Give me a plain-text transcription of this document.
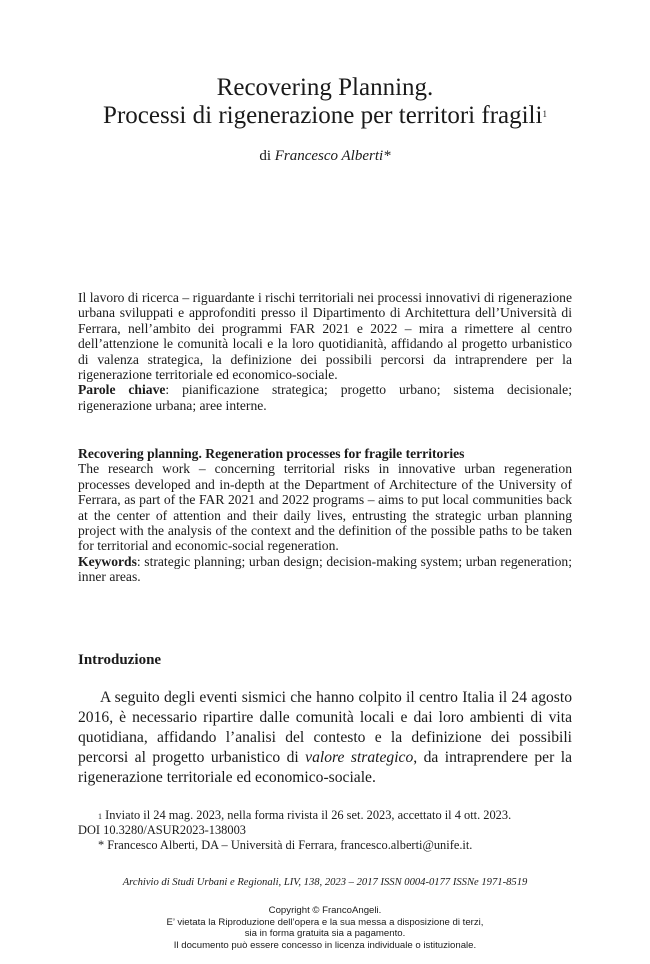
Recovering Planning.
Processi di rigenerazione per territori fragili$^1$
di Francesco Alberti*

Il lavoro di ricerca – riguardante i rischi territoriali nei processi innovativi di rigenerazione urbana sviluppati e approfonditi presso il Dipartimento di Architettura dell’Università di Ferrara, nell’ambito dei programmi FAR 2021 e 2022 – mira a rimettere al centro dell’attenzione le comunità locali e la loro quotidianità, affidando al progetto urbanistico di valenza strategica, la definizione dei possibili percorsi da intraprendere per la rigenerazione territoriale ed economico-sociale.

Parole chiave: pianificazione strategica; progetto urbano; sistema decisionale; rigenerazione urbana; aree interne.

Recovering planning. Regeneration processes for fragile territories

The research work – concerning territorial risks in innovative urban regeneration processes developed and in-depth at the Department of Architecture of the University of Ferrara, as part of the FAR 2021 and 2022 programs – aims to put local communities back at the center of attention and their daily lives, entrusting the strategic urban planning project with the analysis of the context and the definition of the possible paths to be taken for territorial and economic-social regeneration.

Keywords: strategic planning; urban design; decision-making system; urban regeneration; inner areas.

Introduzione

A seguito degli eventi sismici che hanno colpito il centro Italia il 24 agosto 2016, è necessario ripartire dalle comunità locali e dai loro ambienti di vita quotidiana, affidando l’analisi del contesto e la definizione dei possibili percorsi al progetto urbanistico di valore strategico, da intraprendere per la rigenerazione territoriale ed economico-sociale.

$^1$ Inviato il 24 mag. 2023, nella forma rivista il 26 set. 2023, accettato il 4 ott. 2023.

DOI 10.3280/ASUR2023-138003

* Francesco Alberti, DA – Università di Ferrara, francesco.alberti@unife.it.

Archivio di Studi Urbani e Regionali, LIV, 138, 2023 – 2017 ISSN 0004-0177 ISSNe 1971-8519
Copyright © FrancoAngeli.
E’ vietata la Riproduzione dell’opera e la sua messa a disposizione di terzi,
sia in forma gratuita sia a pagamento.
Il documento può essere concesso in licenza individuale o istituzionale.
